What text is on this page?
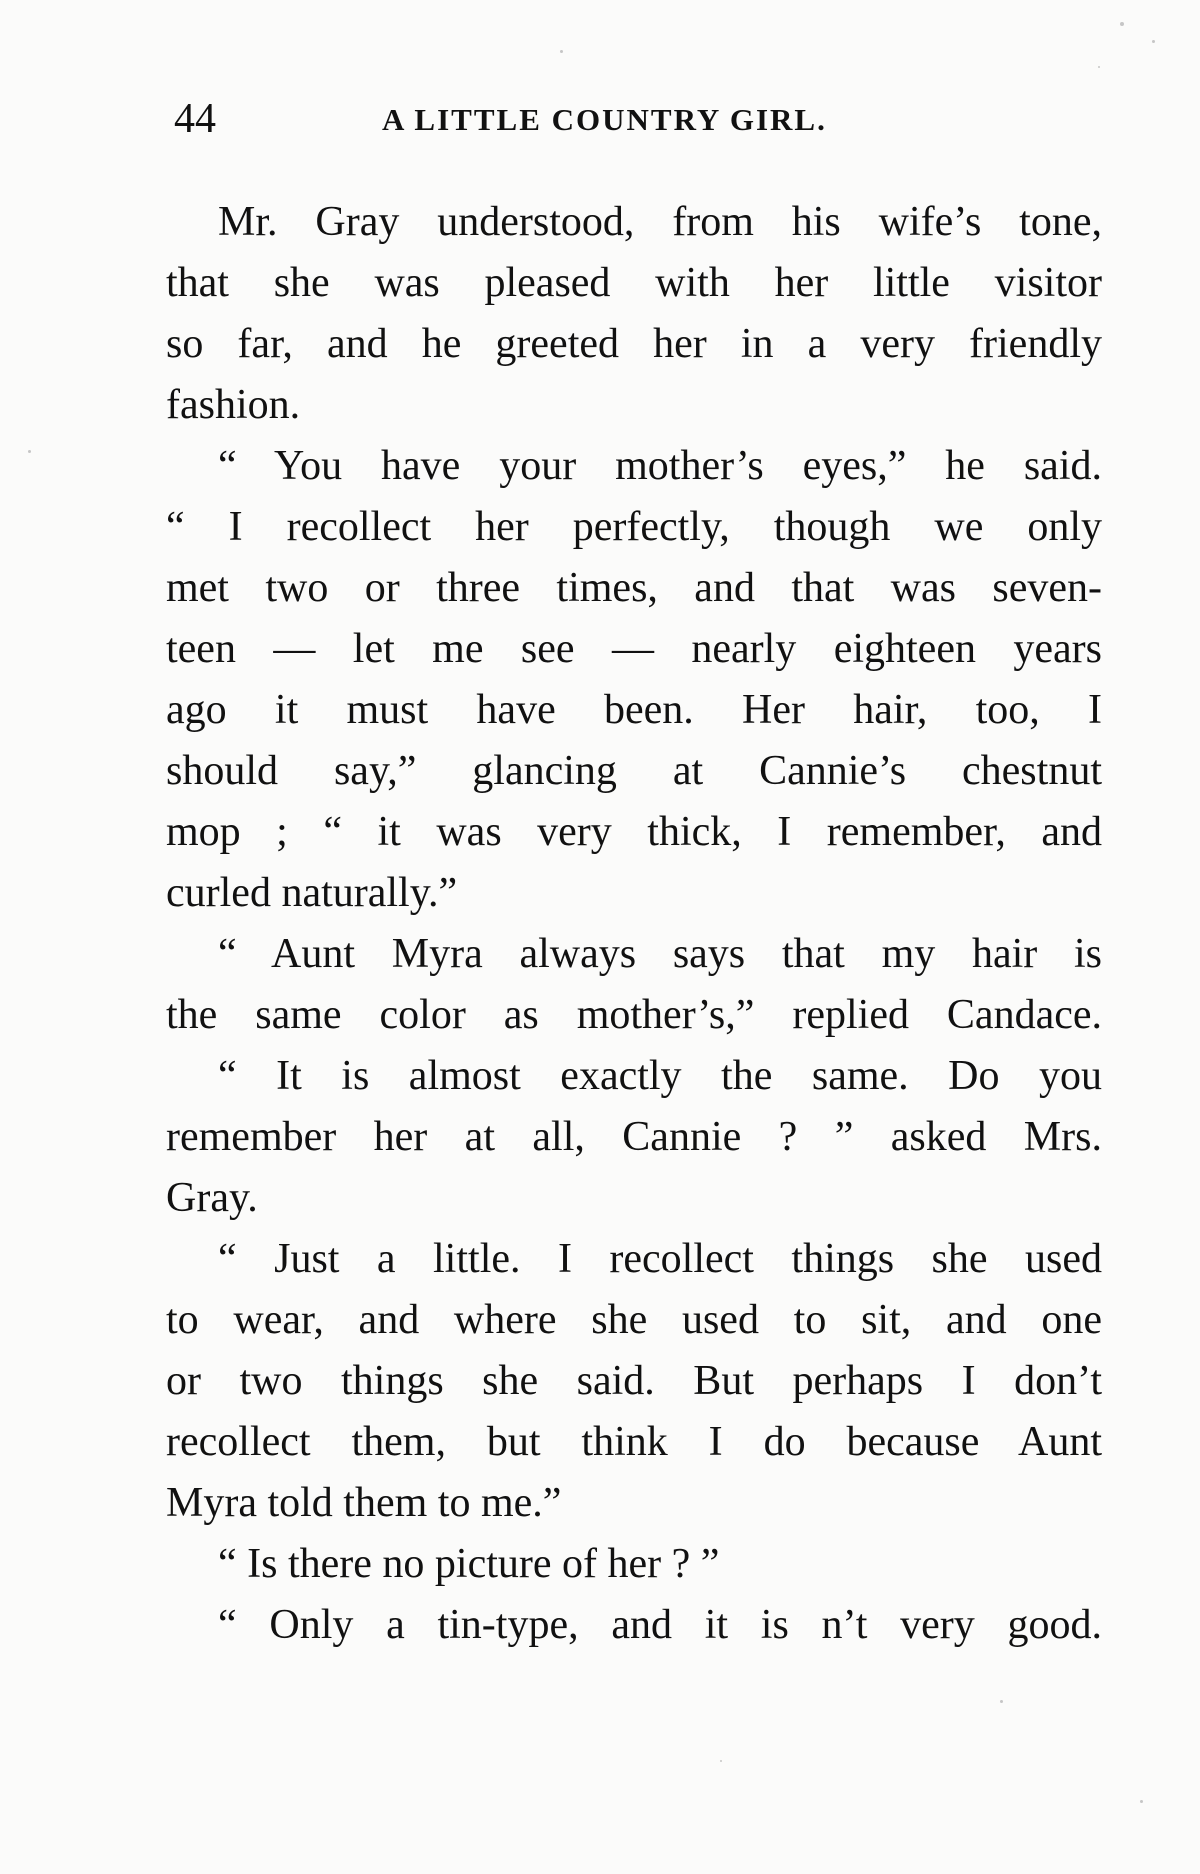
44	A LITTLE COUNTRY GIRL.
Mr. Gray understood, from his wife’s tone,
that she was pleased with her little visitor
so far, and he greeted her in a very friendly
fashion.
“ You have your mother’s eyes,” he said.
“ I recollect her perfectly, though we only
met two or three times, and that was seven-
teen — let me see — nearly eighteen years
ago it must have been. Her hair, too, I
should say,” glancing at Cannie’s chestnut
mop ; “ it was very thick, I remember, and
curled naturally.”
“ Aunt Myra always says that my hair is
the same color as mother’s,” replied Candace.
“ It is almost exactly the same. Do you
remember her at all, Cannie ? ” asked Mrs.
Gray.
“ Just a little. I recollect things she used
to wear, and where she used to sit, and one
or two things she said. But perhaps I don’t
recollect them, but think I do because Aunt
Myra told them to me.”
“ Is there no picture of her ? ”
“ Only a tin-type, and it is n’t very good.
